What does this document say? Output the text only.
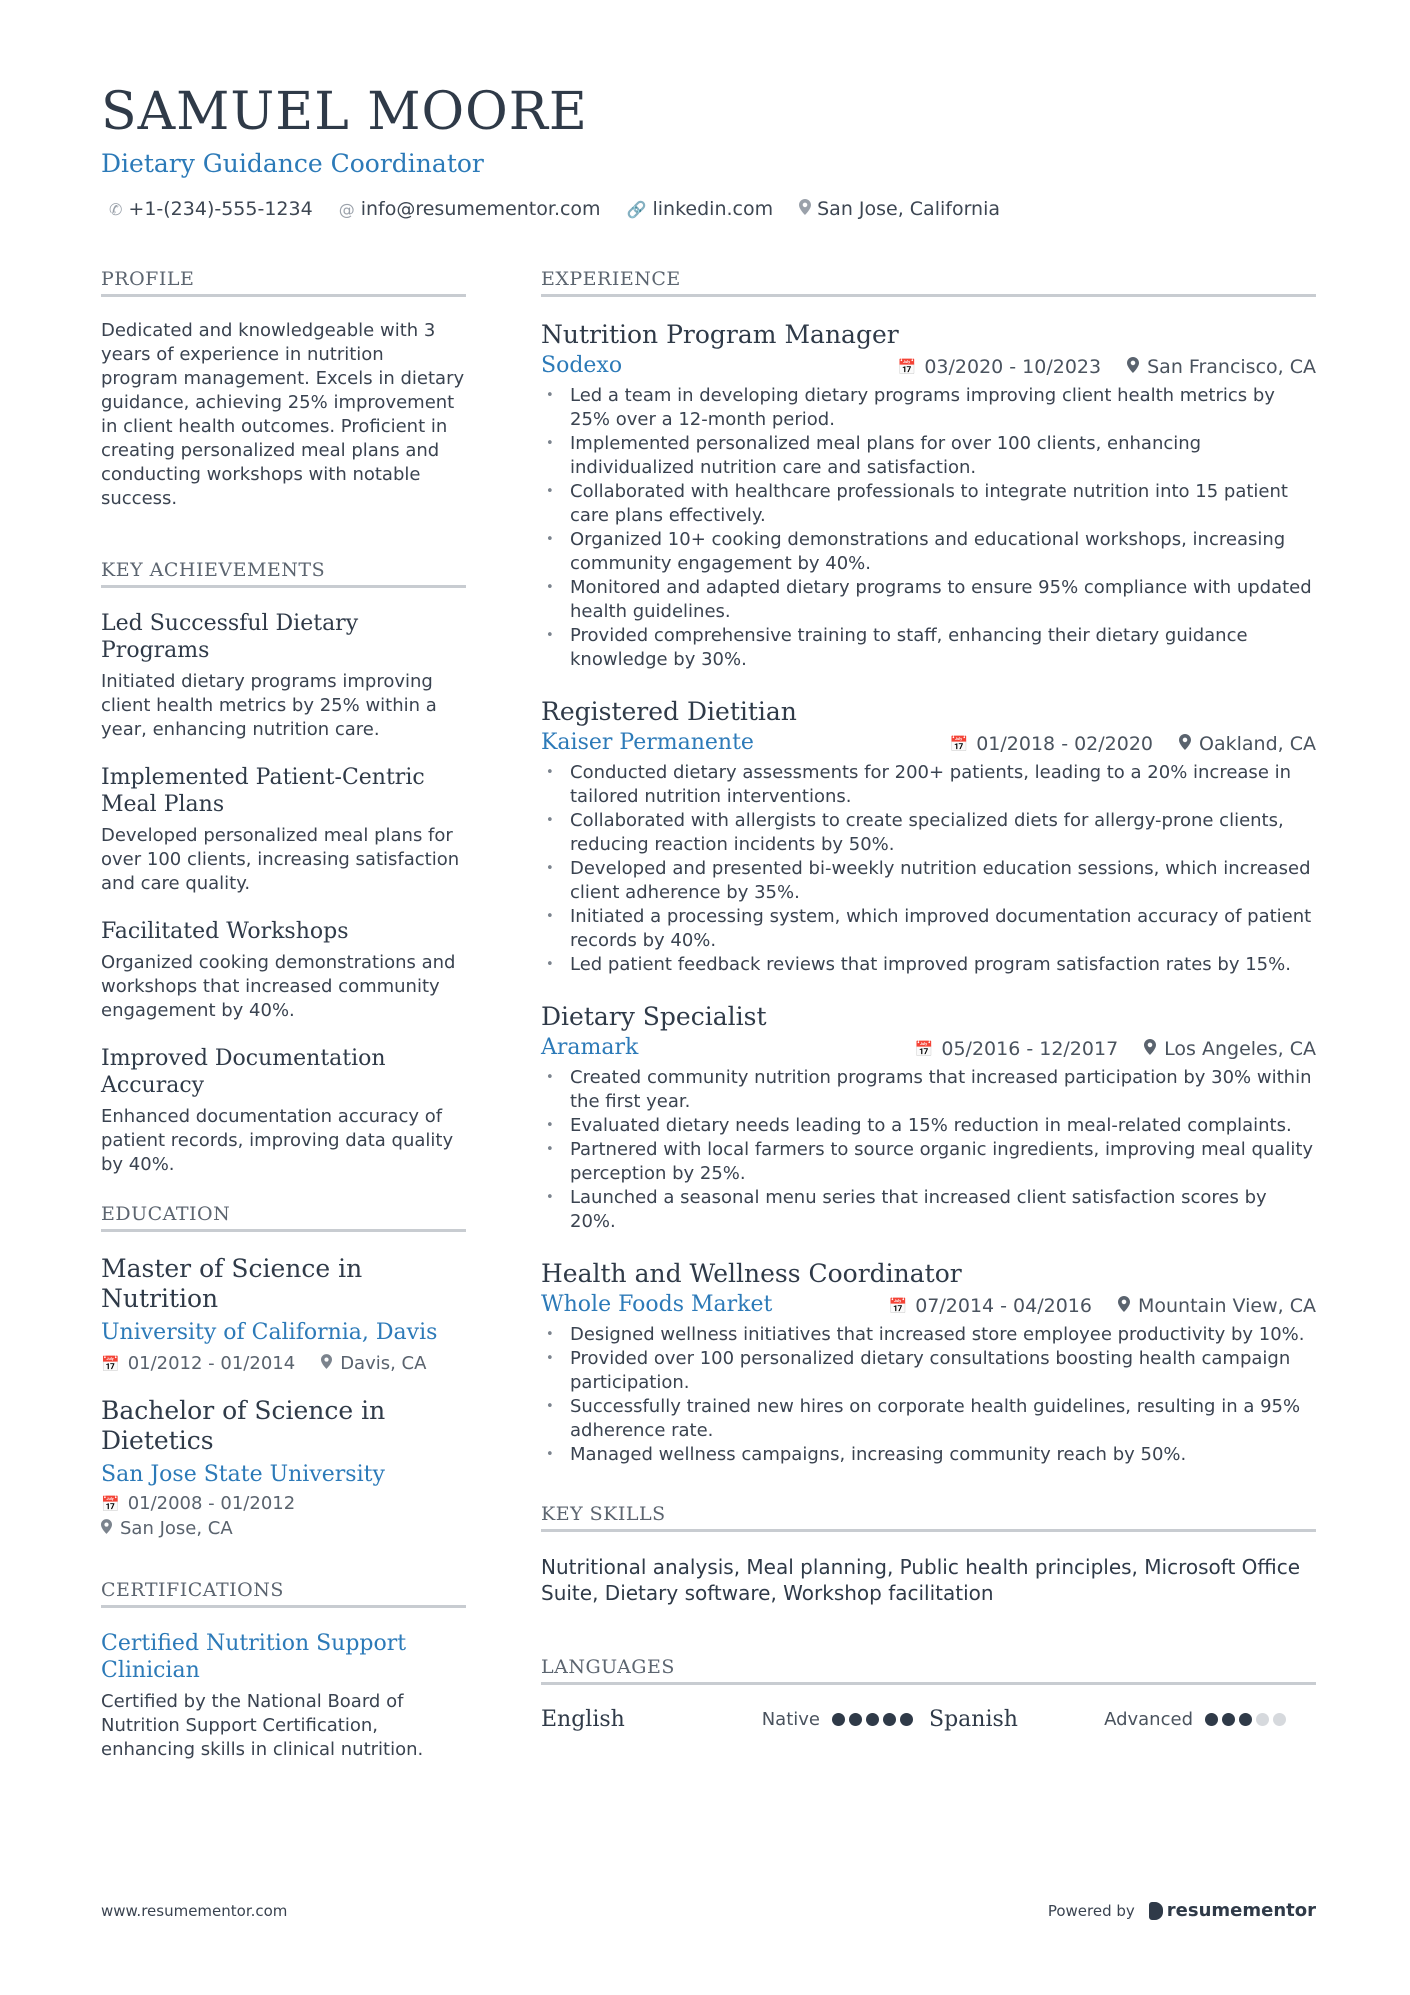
SAMUEL MOORE
Dietary Guidance Coordinator
✆ +1-(234)-555-1234 @ info@resumementor.com 🔗 linkedin.com San Jose, California
PROFILE
Dedicated and knowledgeable with 3 years of experience in nutrition program management. Excels in dietary guidance, achieving 25% improvement in client health outcomes. Proficient in creating personalized meal plans and conducting workshops with notable success.
KEY ACHIEVEMENTS
Led Successful Dietary Programs
Initiated dietary programs improving client health metrics by 25% within a year, enhancing nutrition care.
Implemented Patient-Centric Meal Plans
Developed personalized meal plans for over 100 clients, increasing satisfaction and care quality.
Facilitated Workshops
Organized cooking demonstrations and workshops that increased community engagement by 40%.
Improved Documentation Accuracy
Enhanced documentation accuracy of patient records, improving data quality by 40%.
EDUCATION
Master of Science in Nutrition
University of California, Davis
📅 01/2012 - 01/2014	Davis, CA
Bachelor of Science in Dietetics
San Jose State University
📅 01/2008 - 01/2012
San Jose, CA
CERTIFICATIONS
Certified Nutrition Support Clinician
Certified by the National Board of Nutrition Support Certification, enhancing skills in clinical nutrition.
EXPERIENCE
Nutrition Program Manager
Sodexo	📅 03/2020 - 10/2023 San Francisco, CA
• Led a team in developing dietary programs improving client health metrics by 25% over a 12-month period.
• Implemented personalized meal plans for over 100 clients, enhancing individualized nutrition care and satisfaction.
• Collaborated with healthcare professionals to integrate nutrition into 15 patient care plans effectively.
• Organized 10+ cooking demonstrations and educational workshops, increasing community engagement by 40%.
• Monitored and adapted dietary programs to ensure 95% compliance with updated health guidelines.
• Provided comprehensive training to staff, enhancing their dietary guidance knowledge by 30%.
Registered Dietitian
Kaiser Permanente	📅 01/2018 - 02/2020 Oakland, CA
• Conducted dietary assessments for 200+ patients, leading to a 20% increase in tailored nutrition interventions.
• Collaborated with allergists to create specialized diets for allergy-prone clients, reducing reaction incidents by 50%.
• Developed and presented bi-weekly nutrition education sessions, which increased client adherence by 35%.
• Initiated a processing system, which improved documentation accuracy of patient records by 40%.
• Led patient feedback reviews that improved program satisfaction rates by 15%.
Dietary Specialist
Aramark	📅 05/2016 - 12/2017 Los Angeles, CA
• Created community nutrition programs that increased participation by 30% within the first year.
• Evaluated dietary needs leading to a 15% reduction in meal-related complaints.
• Partnered with local farmers to source organic ingredients, improving meal quality perception by 25%.
• Launched a seasonal menu series that increased client satisfaction scores by 20%.
Health and Wellness Coordinator
Whole Foods Market	📅 07/2014 - 04/2016 Mountain View, CA
• Designed wellness initiatives that increased store employee productivity by 10%.
• Provided over 100 personalized dietary consultations boosting health campaign participation.
• Successfully trained new hires on corporate health guidelines, resulting in a 95% adherence rate.
• Managed wellness campaigns, increasing community reach by 50%.
KEY SKILLS
Nutritional analysis, Meal planning, Public health principles, Microsoft Office Suite, Dietary software, Workshop facilitation
LANGUAGES
English	Native	Spanish	Advanced
www.resumementor.com	Powered by resumementor
